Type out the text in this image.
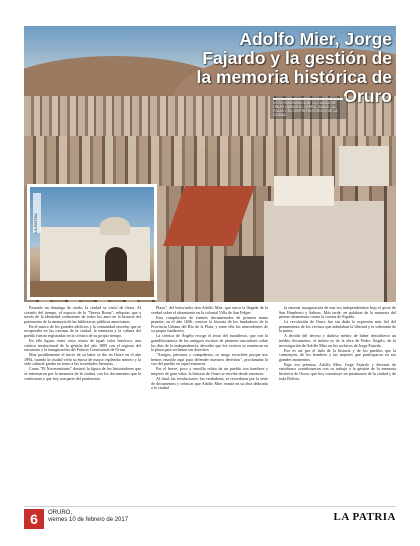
Adolfo Mier, Jorge Fajardo y la gestión de la memoria histórica de Oruro
VISTA PANORÁMICA DE LA CIUDAD DE ORURO DESDE EL CERRO. ABAJO, LA PLAZA Y EL CENTRO HISTÓRICO DE LA CIUDAD.
LA PATRIA

Pasando un domingo de otoño, la ciudad se vistió de fiesta. Al costado del tiempo, el espacio de la "Nueva Roma", reliquias que a través de la identidad consistente de todos los anos en la historia del patrimonio de la memoria de las bibliotecas públicas americanas.

En el marco de los grandes edificios y la comunidad orureña, que se recuperaba en las casonas de la ciudad, la memoria y la cultura del pueblo fueron registradas en la crónica de su propio tiempo.

En ella figura, entre otros textos de igual valor histórico, una crónica institucional de la gestión del año 1889 con el registro del encuentro y la inauguración del Palacio Consistorial de Oruro.

Muy posiblemente el inicio de su labor se dio en Oruro en el año 1894, cuando la ciudad vivía su época de mayor esplendor minero y la vida cultural giraba en torno a las sociedades literarias.

Como "El Novecentismo" destacó la figura de los historiadores que se interesaron por la memoria de la ciudad, con los documentos que la conforman y que hoy son parte del patrimonio.

Plaza", del historiador don Adolfo Mier, que narra la llegada de la verdad sobre el alzamiento en la colonial Villa de San Felipe.

Esta compilación de fuentes documentales de primera mano permite, en el año 1606, conocer la historia de los fundadores de la Provincia Urbana del Río de la Plata, y entre ella los antecedentes de su propia fundación.

La crónica de Ángelo recoge el texto del manifiesto, que con la grandilocuencia de los antiguos escritos de pioneros narradores sobre los días de la independencia, describe que los vecinos se reunieron en la plaza para reclamar sus derechos.

"Amigos, paisanos y compañeros, os ruego escuchéis porque nos hemos reunido aquí para defender nuestros derechos", proclamaba la voz del pueblo en aquel entonces.

Por el breve, poco y sencillo relato de un pueblo con hombres y mujeres de gran valor, la historia de Oruro se escribe desde entonces.

Al final, las revoluciones, las verdaderas, se recordaron por la serie de documentos y crónicas que Adolfo Mier reunió en su obra dedicada a la ciudad.

la enorme inauguración de una era independentista bajo el gesto de San Humberto y Salinas. Más tarde, en palabras de la memoria del primer alzamiento contra la corona de España.

La revolución de Oruro fue sin duda la expresión más fiel del pensamiento de los vecinos que anhelaban la libertad y la soberanía de la patria.

A decidir del deceso y dudoso mérito de haber descubierto un inédito documento, el mérito es de la obra de Pedro Ángelo, de la investigación de Adolfo Mier en los archivos de Jorge Fajardo.

Eso es así por el lado de la historia y de los pueblos que la construyen, de los hombres y las mujeres que participaron en sus grandes momentos.

Bajo esa premisa, Adolfo Mier, Jorge Fajardo y decenas de estudiosos contribuyeron con su trabajo a la gestión de la memoria histórica de Oruro, que hoy constituye un patrimonio de la ciudad y de toda Bolivia.

6	ORURO,
viernes 10 de febrero de 2017	LA PATRIA
